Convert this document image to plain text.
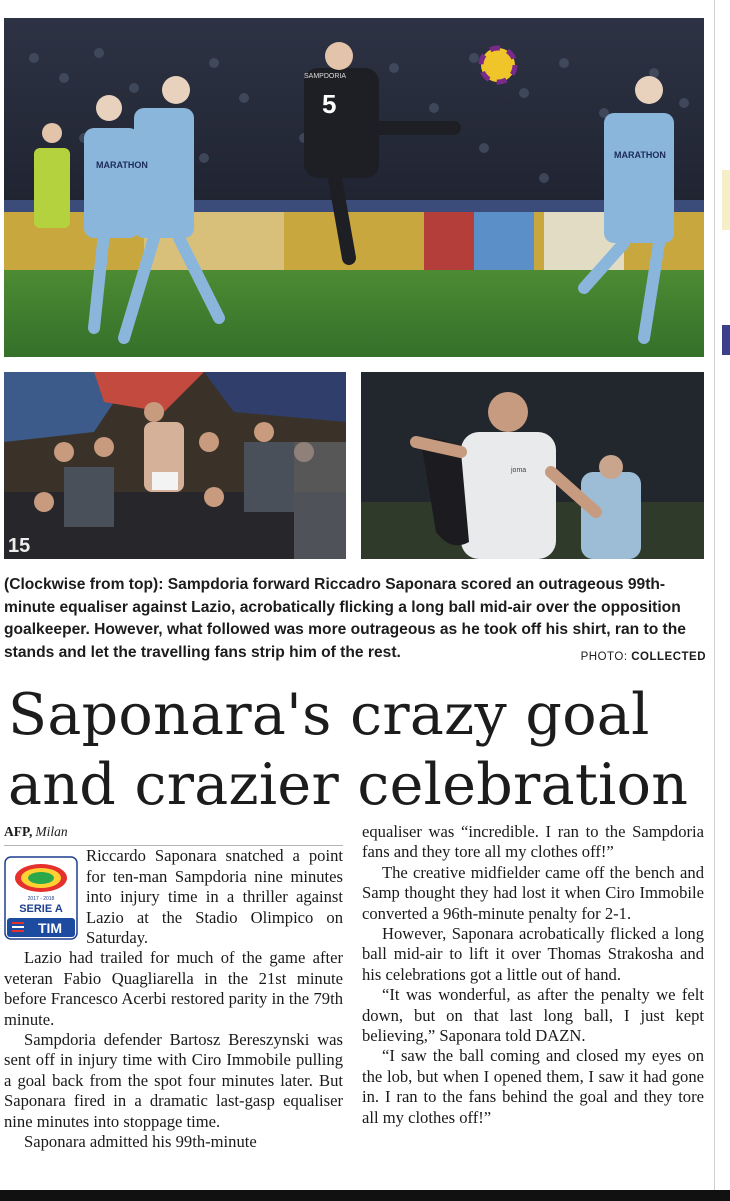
5
SAMPDORIA
MARATHON
MARATHON
15
joma
(Clockwise from top): Sampdoria forward Riccadro Saponara scored an outrageous 99th-minute equaliser against Lazio, acrobatically flicking a long ball mid-air over the opposition goalkeeper. However, what followed was more outrageous as he took off his shirt, ran to the stands and let the travelling fans strip him of the rest.	PHOTO: COLLECTED
Saponara's crazy goal and crazier celebration

AFP, Milan

2017 - 2018
SERIE A
TIM

Riccardo Saponara snatched a point for ten-man Sampdoria nine minutes into injury time in a thriller against Lazio at the Stadio Olimpico on Saturday.

Lazio had trailed for much of the game after veteran Fabio Quagliarella in the 21st minute before Francesco Acerbi restored parity in the 79th minute.

Sampdoria defender Bartosz Bereszynski was sent off in injury time with Ciro Immobile pulling a goal back from the spot four minutes later. But Saponara fired in a dramatic last-gasp equaliser nine minutes into stoppage time.

Saponara admitted his 99th-minute

equaliser was “incredible. I ran to the Sampdoria fans and they tore all my clothes off!”

The creative midfielder came off the bench and Samp thought they had lost it when Ciro Immobile converted a 96th-minute penalty for 2-1.

However, Saponara acrobatically flicked a long ball mid-air to lift it over Thomas Strakosha and his celebrations got a little out of hand.

“It was wonderful, as after the penalty we felt down, but on that last long ball, I just kept believing,” Saponara told DAZN.

“I saw the ball coming and closed my eyes on the lob, but when I opened them, I saw it had gone in. I ran to the fans behind the goal and they tore all my clothes off!”
